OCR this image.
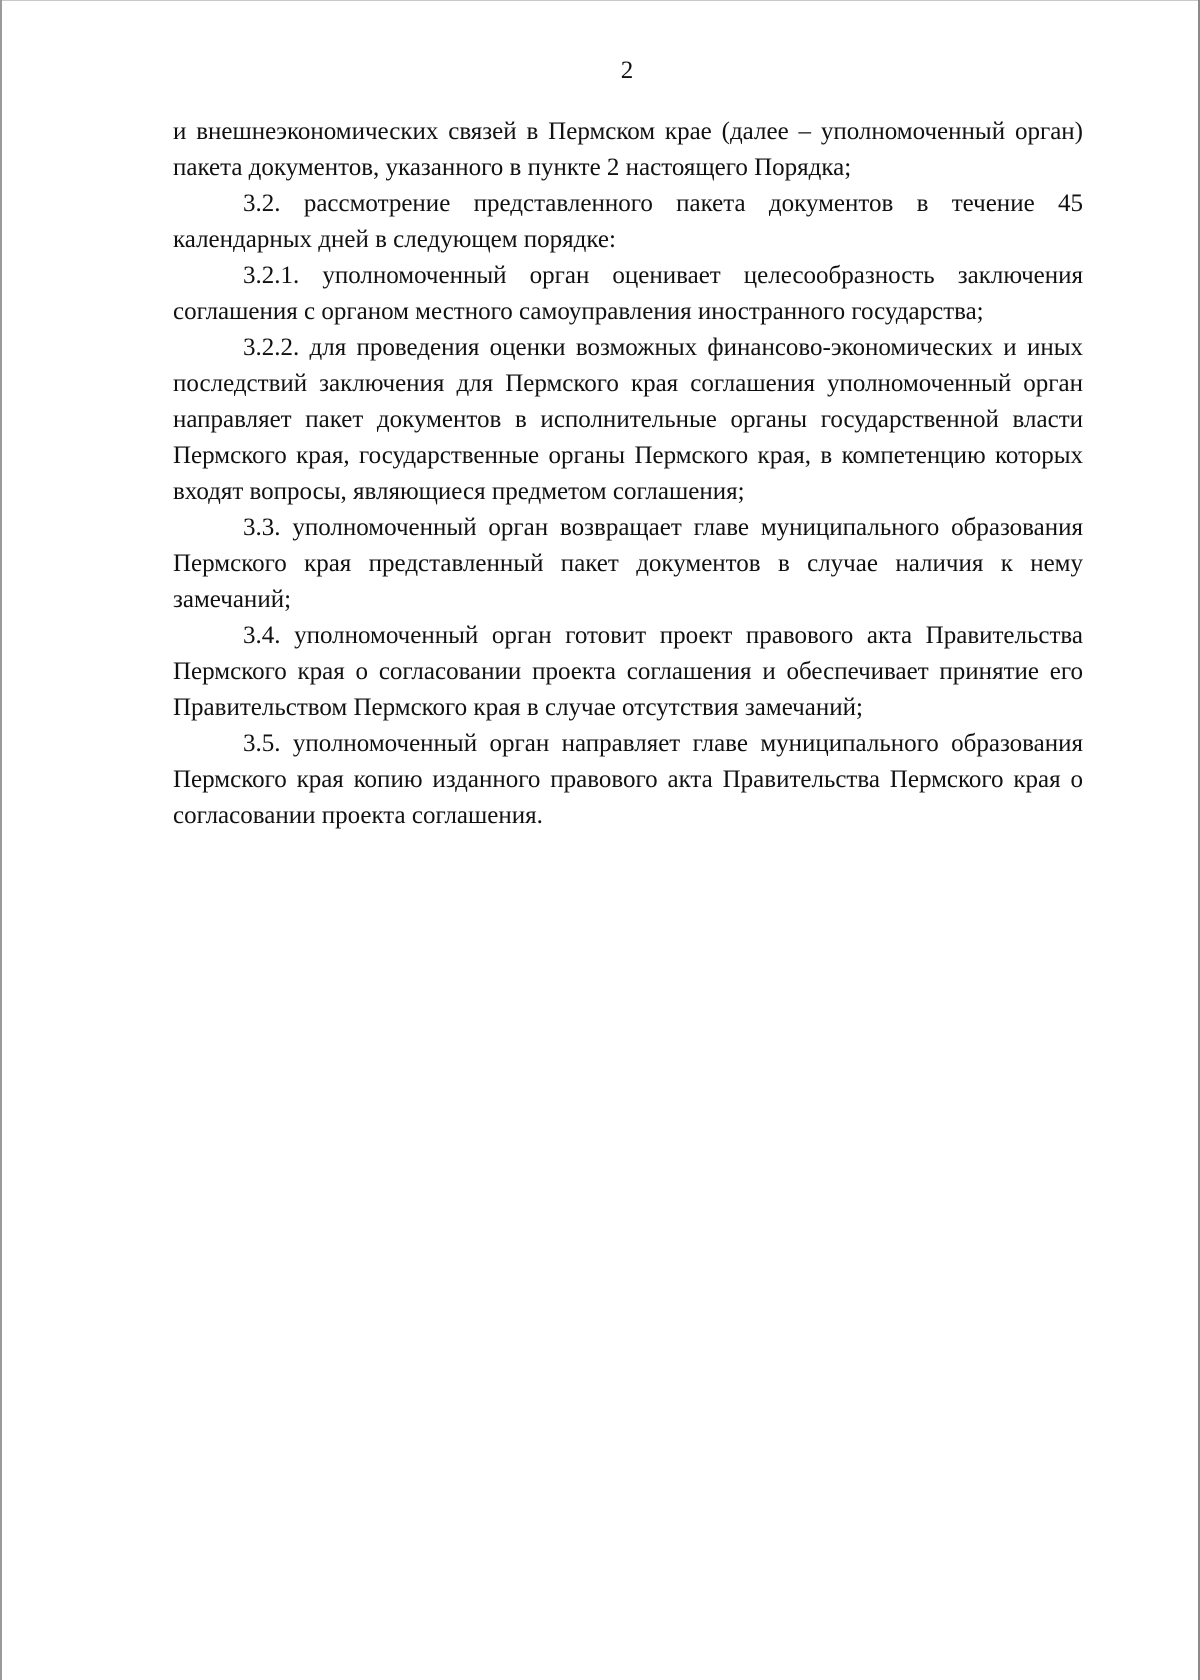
2

и внешнеэкономических связей в Пермском крае (далее – уполномоченный орган) пакета документов, указанного в пункте 2 настоящего Порядка;

3.2. рассмотрение представленного пакета документов в течение 45 календарных дней в следующем порядке:

3.2.1. уполномоченный орган оценивает целесообразность заключения соглашения с органом местного самоуправления иностранного государства;

3.2.2. для проведения оценки возможных финансово-экономических и иных последствий заключения для Пермского края соглашения уполномоченный орган направляет пакет документов в исполнительные органы государственной власти Пермского края, государственные органы Пермского края, в компетенцию которых входят вопросы, являющиеся предметом соглашения;

3.3. уполномоченный орган возвращает главе муниципального образования Пермского края представленный пакет документов в случае наличия к нему замечаний;

3.4. уполномоченный орган готовит проект правового акта Правительства Пермского края о согласовании проекта соглашения и обеспечивает принятие его Правительством Пермского края в случае отсутствия замечаний;

3.5. уполномоченный орган направляет главе муниципального образования Пермского края копию изданного правового акта Правительства Пермского края о согласовании проекта соглашения.
